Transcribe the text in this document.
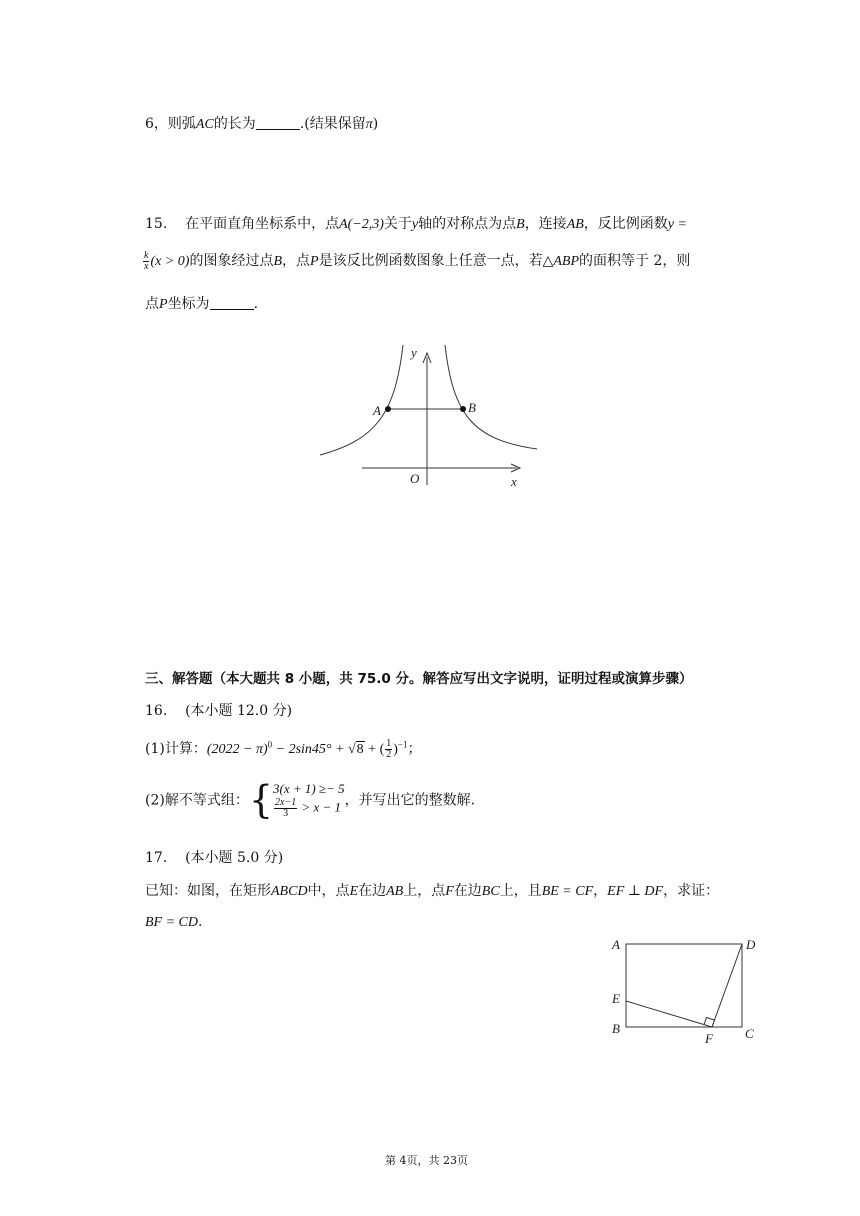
6，则弧AC的长为	.(结果保留π)
15. 在平面直角坐标系中，点A(−2,3)关于y轴的对称点为点B，连接AB，反比例函数y =
$\frac{k}{x} (x > 0)$的图象经过点B，点P是该反比例函数图象上任意一点，若△ABP的面积等于 2，则
点P坐标为	.
y
x
O
A	B
三、解答题（本大题共 8 小题，共 75.0 分。解答应写出文字说明，证明过程或演算步骤）
16. (本小题 12.0 分)
(1)计算：$(2022 - \pi)^0 - 2\sin 45^\circ + √8$ + ( $\frac{1}{2} )^{-1}$；
(2)解不等式组：{ 3(x + 1) ≥− 5
$\frac{2x-1}{3} > x - 1$ ，并写出它的整数解.
17. (本小题 5.0 分)
已知：如图，在矩形ABCD中，点E在边AB上，点F在边BC上，且BE = CF，EF ⊥ DF，求证：
BF = CD.
A	D
E
B	C
F
第 4页，共 23页
